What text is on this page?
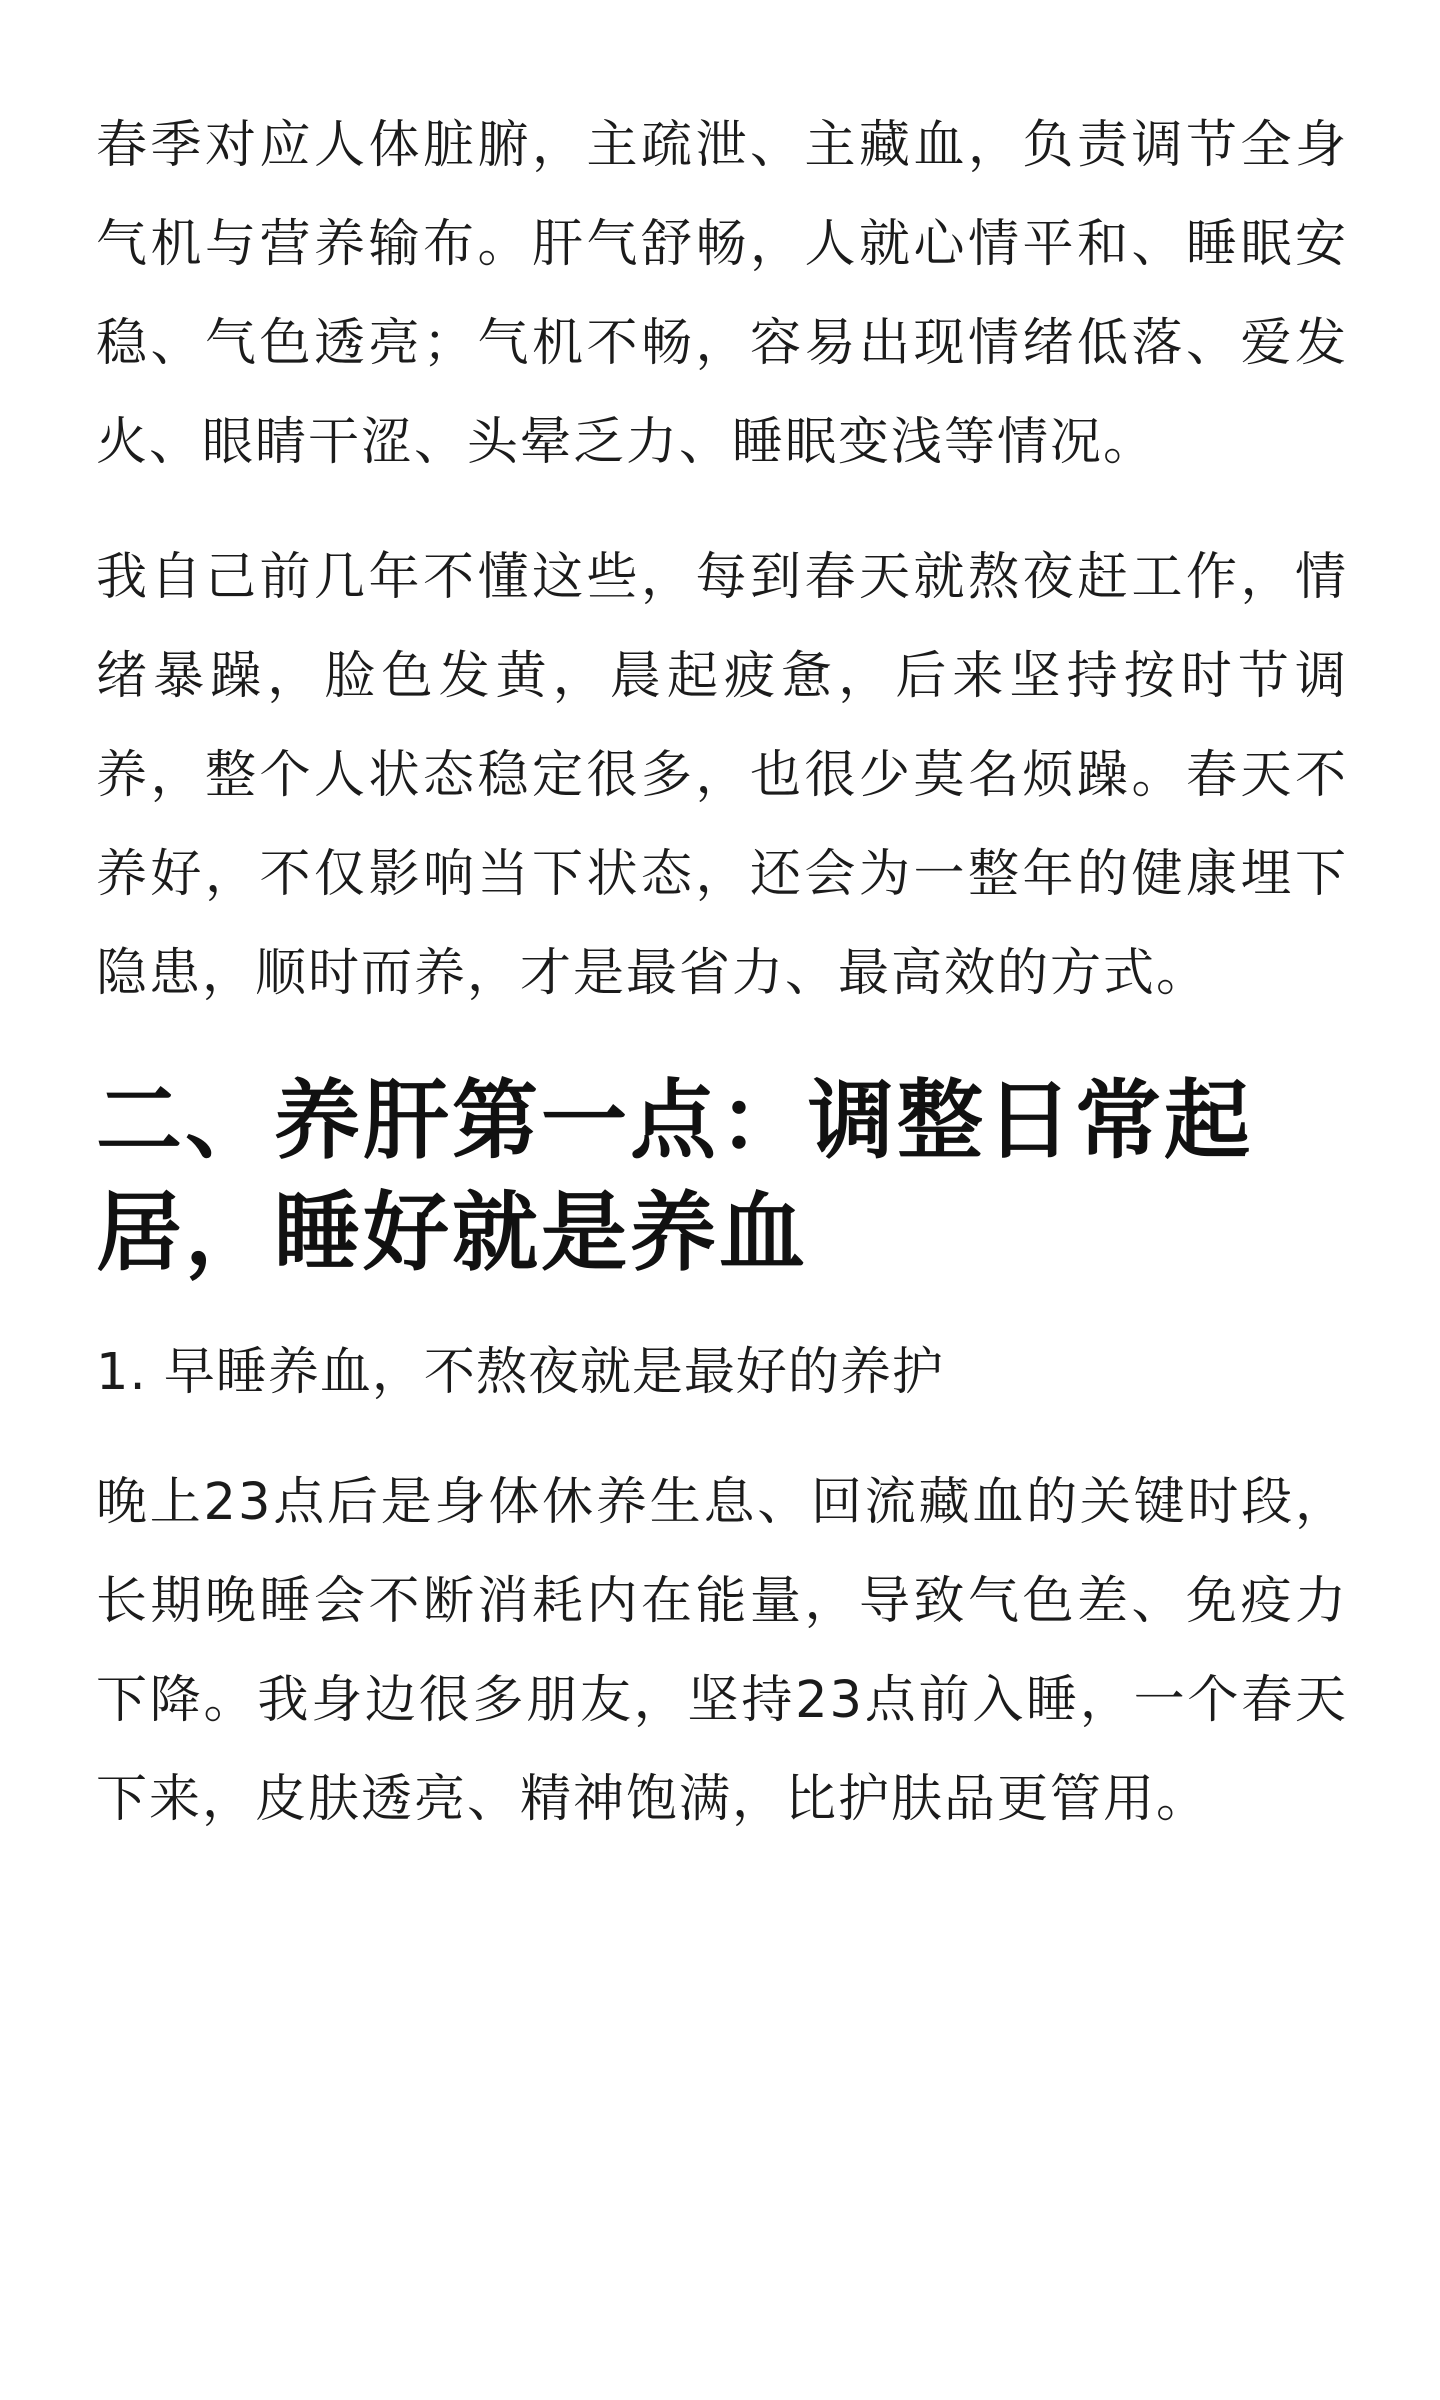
春季对应人体脏腑，主疏泄、主藏血，负责调节全身气机与营养输布。肝气舒畅，人就心情平和、睡眠安稳、气色透亮；气机不畅，容易出现情绪低落、爱发火、眼睛干涩、头晕乏力、睡眠变浅等情况。

我自己前几年不懂这些，每到春天就熬夜赶工作，情绪暴躁，脸色发黄，晨起疲惫，后来坚持按时节调养，整个人状态稳定很多，也很少莫名烦躁。春天不养好，不仅影响当下状态，还会为一整年的健康埋下隐患，顺时而养，才是最省力、最高效的方式。

二、养肝第一点：调整日常起居，睡好就是养血
1. 早睡养血，不熬夜就是最好的养护

晚上23点后是身体休养生息、回流藏血的关键时段，长期晚睡会不断消耗内在能量，导致气色差、免疫力下降。我身边很多朋友，坚持23点前入睡，一个春天下来，皮肤透亮、精神饱满，比护肤品更管用。
